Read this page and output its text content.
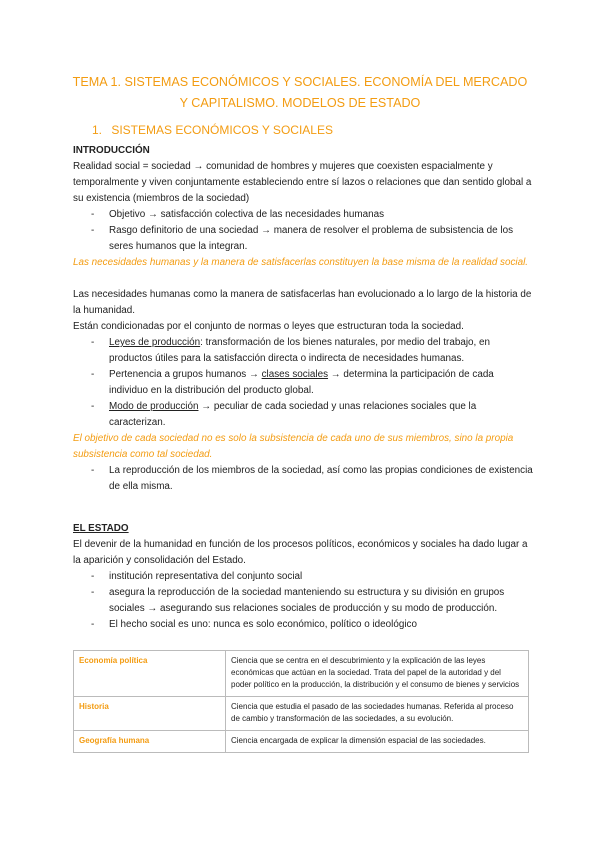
TEMA 1. SISTEMAS ECONÓMICOS Y SOCIALES. ECONOMÍA DEL MERCADO Y CAPITALISMO. MODELOS DE ESTADO
1. SISTEMAS ECONÓMICOS Y SOCIALES

INTRODUCCIÓN

Realidad social = sociedad → comunidad de hombres y mujeres que coexisten espacialmente y temporalmente y viven conjuntamente estableciendo entre sí lazos o relaciones que dan sentido global a su existencia (miembros de la sociedad)

- Objetivo → satisfacción colectiva de las necesidades humanas
- Rasgo definitorio de una sociedad → manera de resolver el problema de subsistencia de los seres humanos que la integran.

Las necesidades humanas y la manera de satisfacerlas constituyen la base misma de la realidad social.

Las necesidades humanas como la manera de satisfacerlas han evolucionado a lo largo de la historia de la humanidad.

Están condicionadas por el conjunto de normas o leyes que estructuran toda la sociedad.

- Leyes de producción: transformación de los bienes naturales, por medio del trabajo, en productos útiles para la satisfacción directa o indirecta de necesidades humanas.
- Pertenencia a grupos humanos → clases sociales → determina la participación de cada individuo en la distribución del producto global.
- Modo de producción → peculiar de cada sociedad y unas relaciones sociales que la caracterizan.

El objetivo de cada sociedad no es solo la subsistencia de cada uno de sus miembros, sino la propia subsistencia como tal sociedad.

- La reproducción de los miembros de la sociedad, así como las propias condiciones de existencia de ella misma.

EL ESTADO

El devenir de la humanidad en función de los procesos políticos, económicos y sociales ha dado lugar a la aparición y consolidación del Estado.

- institución representativa del conjunto social
- asegura la reproducción de la sociedad manteniendo su estructura y su división en grupos sociales → asegurando sus relaciones sociales de producción y su modo de producción.
- El hecho social es uno: nunca es solo económico, político o ideológico
Economía política	Ciencia que se centra en el descubrimiento y la explicación de las leyes económicas que actúan en la sociedad. Trata del papel de la autoridad y del poder político en la producción, la distribución y el consumo de bienes y servicios
Historia	Ciencia que estudia el pasado de las sociedades humanas. Referida al proceso de cambio y transformación de las sociedades, a su evolución.
Geografía humana	Ciencia encargada de explicar la dimensión espacial de las sociedades.
